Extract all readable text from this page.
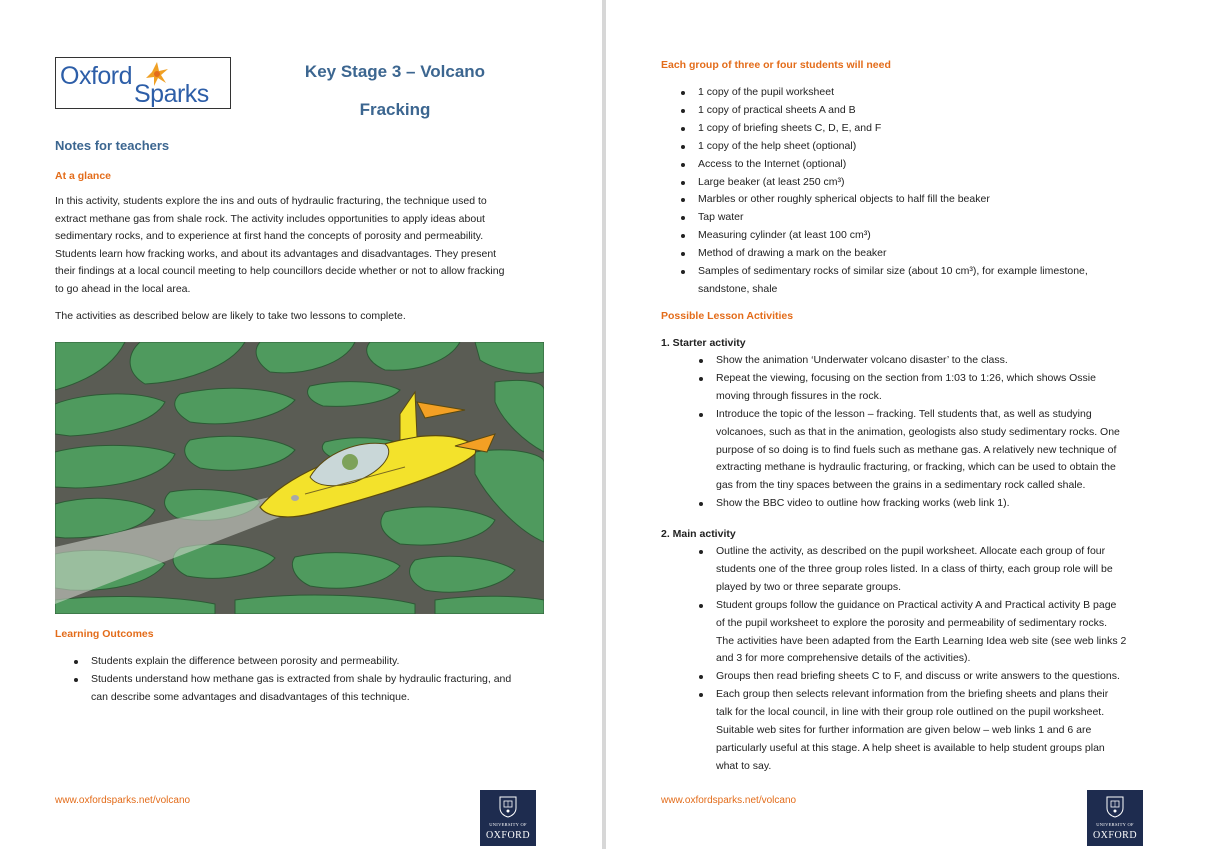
Oxford
Sparks
Key Stage 3 – Volcano
Fracking
Notes for teachers
At a glance
In this activity, students explore the ins and outs of hydraulic fracturing, the technique used to
extract methane gas from shale rock. The activity includes opportunities to apply ideas about
sedimentary rocks, and to experience at first hand the concepts of porosity and permeability.
Students learn how fracking works, and about its advantages and disadvantages. They present
their findings at a local council meeting to help councillors decide whether or not to allow fracking
to go ahead in the local area.
The activities as described below are likely to take two lessons to complete.
Learning Outcomes
Students explain the difference between porosity and permeability.
Students understand how methane gas is extracted from shale by hydraulic fracturing, and
can describe some advantages and disadvantages of this technique.
www.oxfordsparks.net/volcano
UNIVERSITY OF
OXFORD
Each group of three or four students will need
1 copy of the pupil worksheet
1 copy of practical sheets A and B
1 copy of briefing sheets C, D, E, and F
1 copy of the help sheet (optional)
Access to the Internet (optional)
Large beaker (at least 250 cm³)
Marbles or other roughly spherical objects to half fill the beaker
Tap water
Measuring cylinder (at least 100 cm³)
Method of drawing a mark on the beaker
Samples of sedimentary rocks of similar size (about 10 cm³), for example limestone,
sandstone, shale
Possible Lesson Activities
1. Starter activity
Show the animation ‘Underwater volcano disaster’ to the class.
Repeat the viewing, focusing on the section from 1:03 to 1:26, which shows Ossie
moving through fissures in the rock.
Introduce the topic of the lesson – fracking. Tell students that, as well as studying
volcanoes, such as that in the animation, geologists also study sedimentary rocks. One
purpose of so doing is to find fuels such as methane gas. A relatively new technique of
extracting methane is hydraulic fracturing, or fracking, which can be used to obtain the
gas from the tiny spaces between the grains in a sedimentary rock called shale.
Show the BBC video to outline how fracking works (web link 1).
2. Main activity
Outline the activity, as described on the pupil worksheet. Allocate each group of four
students one of the three group roles listed. In a class of thirty, each group role will be
played by two or three separate groups.
Student groups follow the guidance on Practical activity A and Practical activity B page
of the pupil worksheet to explore the porosity and permeability of sedimentary rocks.
The activities have been adapted from the Earth Learning Idea web site (see web links 2
and 3 for more comprehensive details of the activities).
Groups then read briefing sheets C to F, and discuss or write answers to the questions.
Each group then selects relevant information from the briefing sheets and plans their
talk for the local council, in line with their group role outlined on the pupil worksheet.
Suitable web sites for further information are given below – web links 1 and 6 are
particularly useful at this stage. A help sheet is available to help student groups plan
what to say.
www.oxfordsparks.net/volcano
UNIVERSITY OF
OXFORD
